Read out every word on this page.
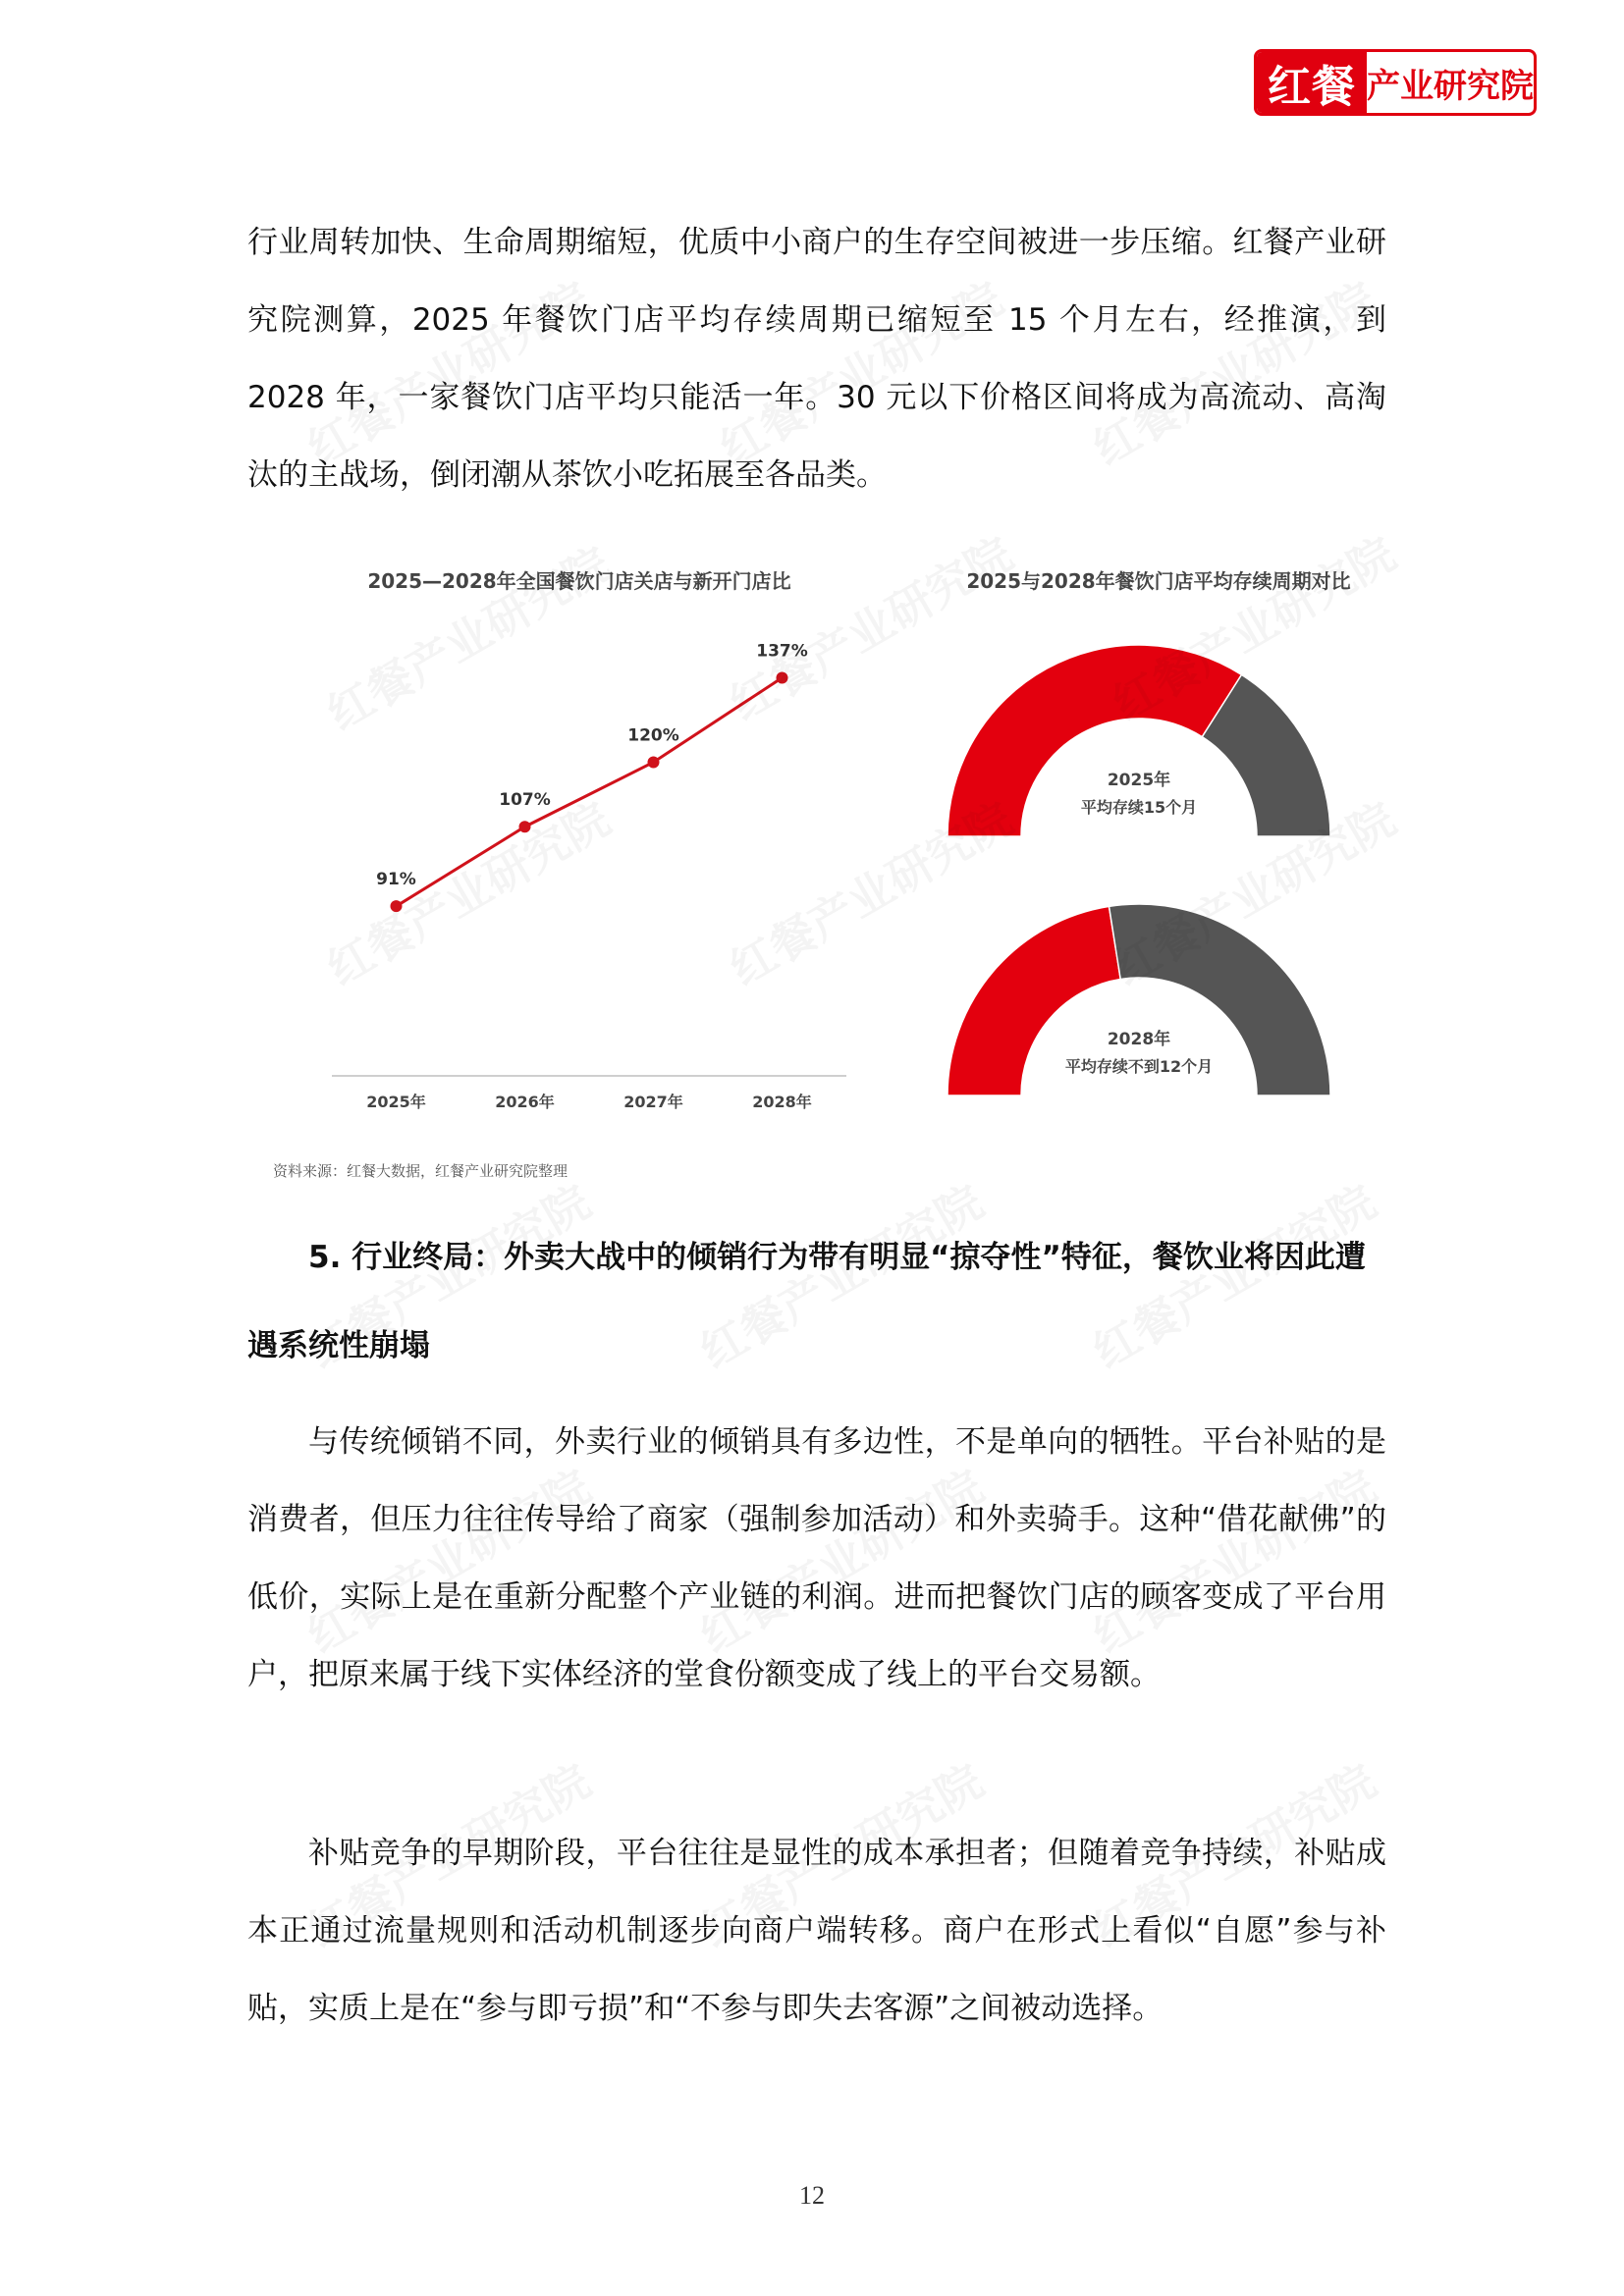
红餐 产业研究院

行业周转加快、生命周期缩短，优质中小商户的生存空间被进一步压缩。红餐产业研究院测算，2025 年餐饮门店平均存续周期已缩短至 15 个月左右，经推演，到 2028 年，一家餐饮门店平均只能活一年。30 元以下价格区间将成为高流动、高淘汰的主战场，倒闭潮从茶饮小吃拓展至各品类。

2025—2028年全国餐饮门店关店与新开门店比	2025与2028年餐饮门店平均存续周期对比
91%
2025年
107%
2026年
120%
2027年
137%
2028年
2025年
平均存续15个月
2028年
平均存续不到12个月
资料来源：红餐大数据，红餐产业研究院整理

5. 行业终局：外卖大战中的倾销行为带有明显“掠夺性”特征，餐饮业将因此遭遇系统性崩塌

与传统倾销不同，外卖行业的倾销具有多边性，不是单向的牺牲。平台补贴的是消费者，但压力往往传导给了商家（强制参加活动）和外卖骑手。这种“借花献佛”的低价，实际上是在重新分配整个产业链的利润。进而把餐饮门店的顾客变成了平台用户，把原来属于线下实体经济的堂食份额变成了线上的平台交易额。

补贴竞争的早期阶段，平台往往是显性的成本承担者；但随着竞争持续，补贴成本正通过流量规则和活动机制逐步向商户端转移。商户在形式上看似“自愿”参与补贴，实质上是在“参与即亏损”和“不参与即失去客源”之间被动选择。

12
